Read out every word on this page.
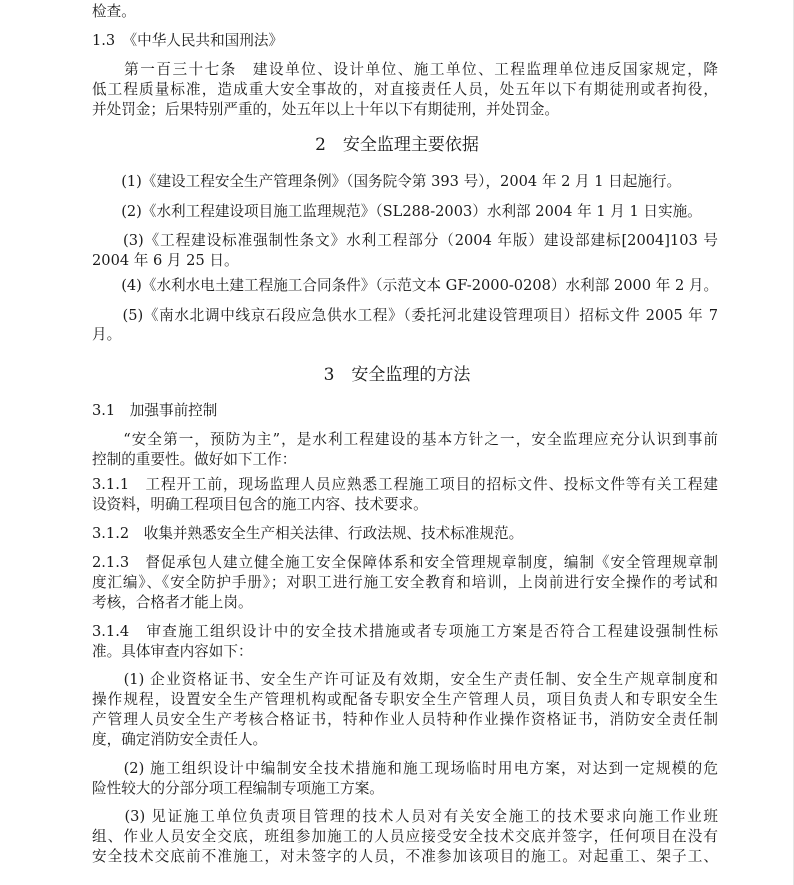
检查。
1.3　《中华人民共和国刑法》
　　第一百三十七条　建设单位、设计单位、施工单位、工程监理单位违反国家规定，降
低工程质量标准，造成重大安全事故的，对直接责任人员，处五年以下有期徒刑或者拘役，
并处罚金；后果特别严重的，处五年以上十年以下有期徒刑，并处罚金。
2　安全监理主要依据
　　(1)《建设工程安全生产管理条例》（国务院令第 393 号），2004 年 2 月 1 日起施行。
　　(2)《水利工程建设项目施工监理规范》（SL288-2003）水利部 2004 年 1 月 1 日实施。
　　(3)《工程建设标准强制性条文》水利工程部分（2004 年版）建设部建标[2004]103 号
2004 年 6 月 25 日。
　　(4)《水利水电土建工程施工合同条件》（示范文本 GF-2000-0208）水利部 2000 年 2 月。
　　(5)《南水北调中线京石段应急供水工程》（委托河北建设管理项目）招标文件 2005 年 7
月。
3　安全监理的方法
3.1　加强事前控制
　　“安全第一，预防为主”，是水利工程建设的基本方针之一，安全监理应充分认识到事前
控制的重要性。做好如下工作：
3.1.1　工程开工前，现场监理人员应熟悉工程施工项目的招标文件、投标文件等有关工程建
设资料，明确工程项目包含的施工内容、技术要求。
3.1.2　收集并熟悉安全生产相关法律、行政法规、技术标准规范。
2.1.3　督促承包人建立健全施工安全保障体系和安全管理规章制度，编制《安全管理规章制
度汇编》、《安全防护手册》；对职工进行施工安全教育和培训，上岗前进行安全操作的考试和
考核，合格者才能上岗。
3.1.4　审查施工组织设计中的安全技术措施或者专项施工方案是否符合工程建设强制性标
准。具体审查内容如下：
　　(1) 企业资格证书、安全生产许可证及有效期，安全生产责任制、安全生产规章制度和
操作规程，设置安全生产管理机构或配备专职安全生产管理人员，项目负责人和专职安全生
产管理人员安全生产考核合格证书，特种作业人员特种作业操作资格证书，消防安全责任制
度，确定消防安全责任人。
　　(2) 施工组织设计中编制安全技术措施和施工现场临时用电方案，对达到一定规模的危
险性较大的分部分项工程编制专项施工方案。
　　(3) 见证施工单位负责项目管理的技术人员对有关安全施工的技术要求向施工作业班
组、作业人员安全交底，班组参加施工的人员应接受安全技术交底并签字，任何项目在没有
安全技术交底前不准施工，对未签字的人员，不准参加该项目的施工。对起重工、架子工、
